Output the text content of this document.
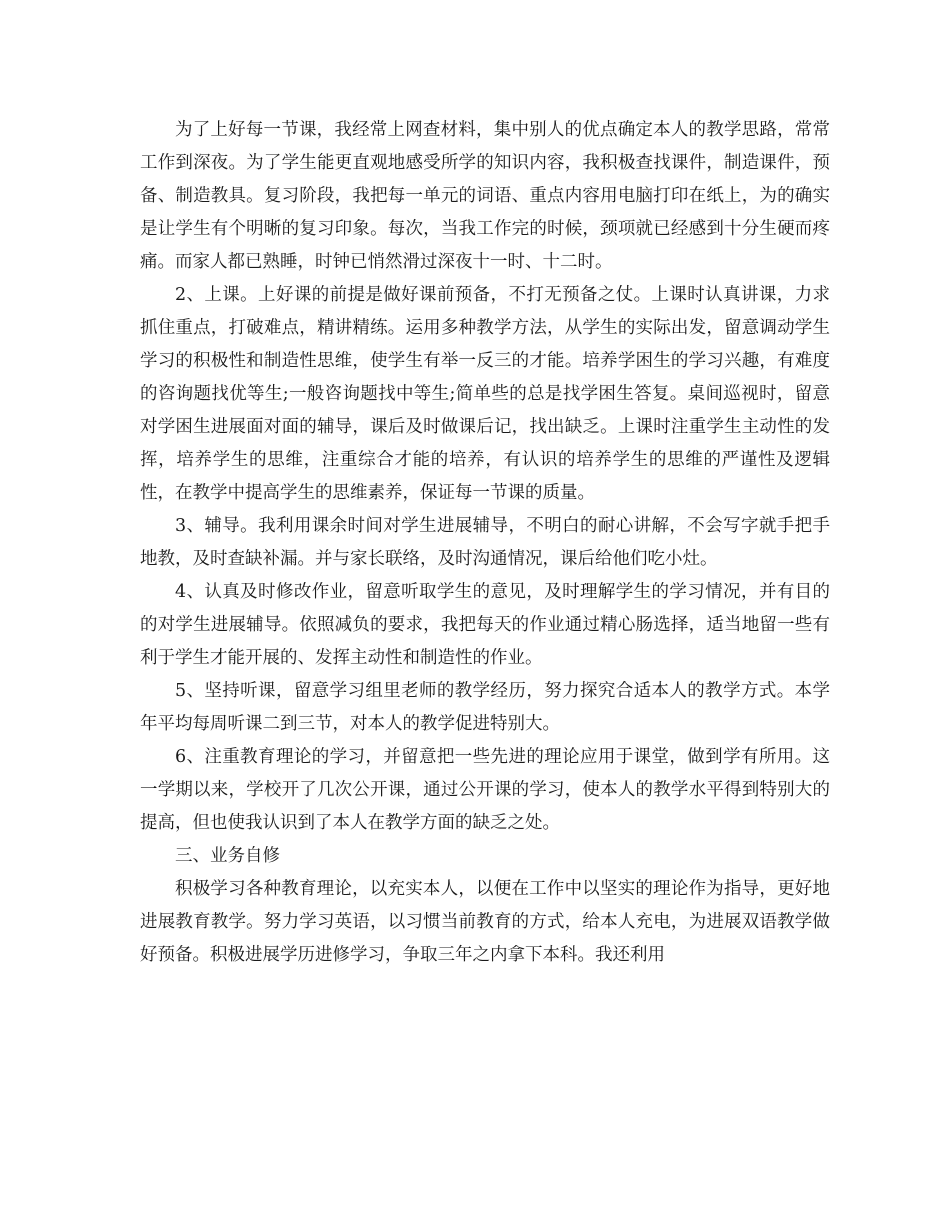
为了上好每一节课，我经常上网查材料，集中别人的优点确定本人的教学思路，常常工作到深夜。为了学生能更直观地感受所学的知识内容，我积极查找课件，制造课件，预备、制造教具。复习阶段，我把每一单元的词语、重点内容用电脑打印在纸上，为的确实是让学生有个明晰的复习印象。每次，当我工作完的时候，颈项就已经感到十分生硬而疼痛。而家人都已熟睡，时钟已悄然滑过深夜十一时、十二时。

2、上课。上好课的前提是做好课前预备，不打无预备之仗。上课时认真讲课，力求抓住重点，打破难点，精讲精练。运用多种教学方法，从学生的实际出发，留意调动学生学习的积极性和制造性思维，使学生有举一反三的才能。培养学困生的学习兴趣，有难度的咨询题找优等生;一般咨询题找中等生;简单些的总是找学困生答复。桌间巡视时，留意对学困生进展面对面的辅导，课后及时做课后记，找出缺乏。上课时注重学生主动性的发挥，培养学生的思维，注重综合才能的培养，有认识的培养学生的思维的严谨性及逻辑性，在教学中提高学生的思维素养，保证每一节课的质量。

3、辅导。我利用课余时间对学生进展辅导，不明白的耐心讲解，不会写字就手把手地教，及时查缺补漏。并与家长联络，及时沟通情况，课后给他们吃小灶。

4、认真及时修改作业，留意听取学生的意见，及时理解学生的学习情况，并有目的的对学生进展辅导。依照减负的要求，我把每天的作业通过精心肠选择，适当地留一些有利于学生才能开展的、发挥主动性和制造性的作业。

5、坚持听课，留意学习组里老师的教学经历，努力探究合适本人的教学方式。本学年平均每周听课二到三节，对本人的教学促进特别大。

6、注重教育理论的学习，并留意把一些先进的理论应用于课堂，做到学有所用。这一学期以来，学校开了几次公开课，通过公开课的学习，使本人的教学水平得到特别大的提高，但也使我认识到了本人在教学方面的缺乏之处。

三、业务自修

积极学习各种教育理论，以充实本人，以便在工作中以坚实的理论作为指导，更好地进展教育教学。努力学习英语，以习惯当前教育的方式，给本人充电，为进展双语教学做好预备。积极进展学历进修学习，争取三年之内拿下本科。我还利用
